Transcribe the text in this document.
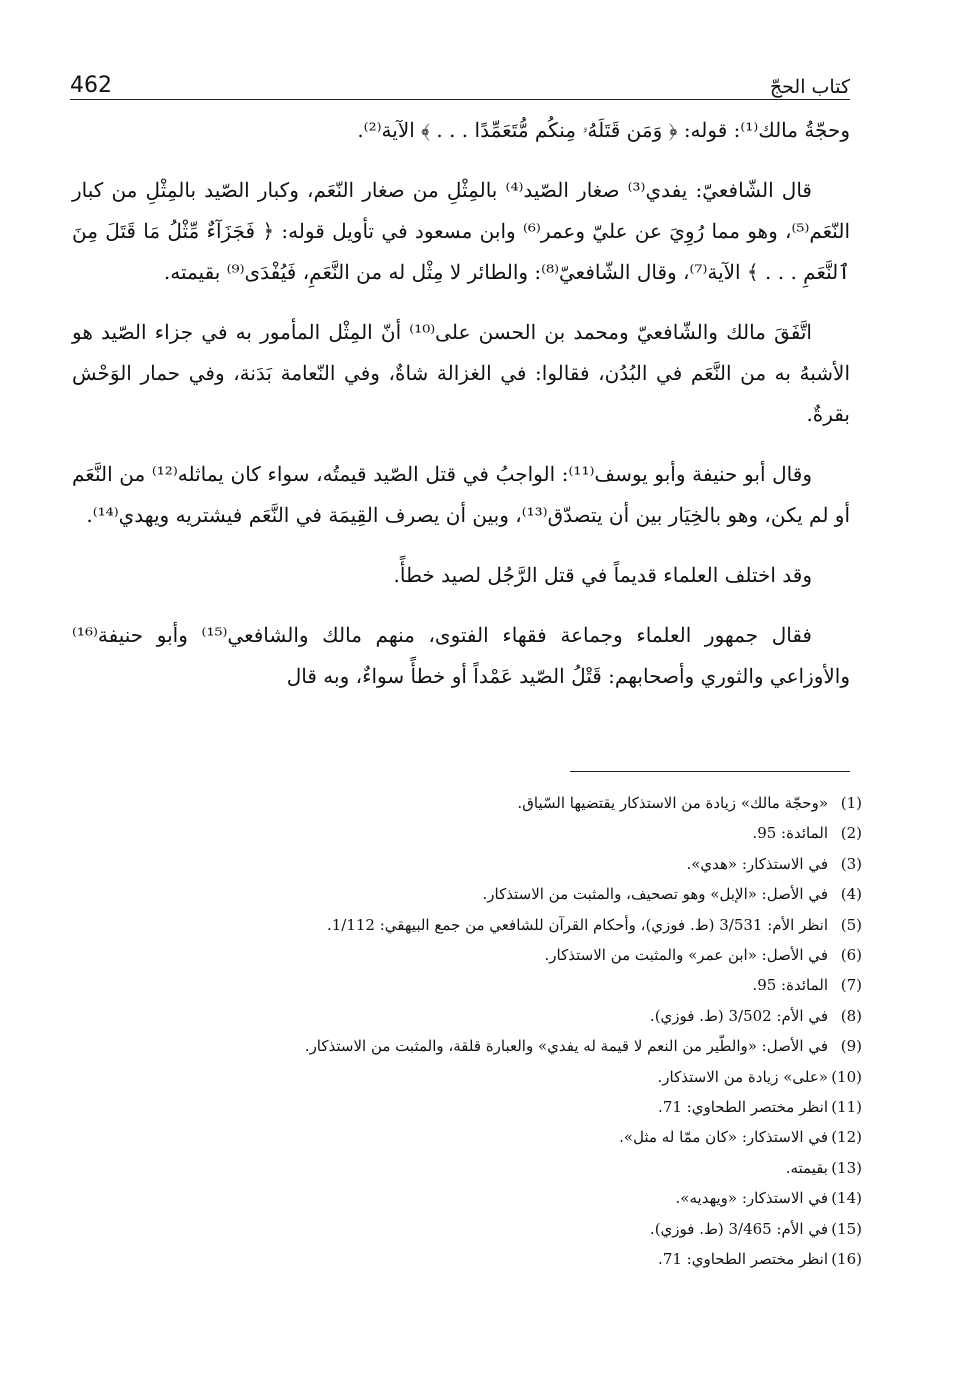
462	كتاب الحجّ

وحجّةُ مالك⁽¹⁾: قوله: ﴿ وَمَن قَتَلَهُۥ مِنكُم مُّتَعَمِّدًا . . . ﴾ الآية⁽²⁾.

قال الشّافعيّ: يفدي⁽³⁾ صغار الصّيد⁽⁴⁾ بالمِثْلِ من صغار النّعَم، وكبار الصّيد بالمِثْلِ من كبار النّعَم⁽⁵⁾، وهو مما رُوِيَ عن عليّ وعمر⁽⁶⁾ وابن مسعود في تأويل قوله: ﴿ فَجَزَآءٌ مِّثْلُ مَا قَتَلَ مِنَ ٱلنَّعَمِ . . . ﴾ الآية⁽⁷⁾، وقال الشّافعيّ⁽⁸⁾: والطائر لا مِثْل له من النَّعَمِ، فَيُفْدَى⁽⁹⁾ بقيمته.

اتَّفَقَ مالك والشّافعيّ ومحمد بن الحسن على⁽¹⁰⁾ أنّ المِثْل المأمور به في جزاء الصّيد هو الأشبهُ به من النَّعَم في البُدُن، فقالوا: في الغزالة شاةٌ، وفي النّعامة بَدَنة، وفي حمار الوَحْش بقرةٌ.

وقال أبو حنيفة وأبو يوسف⁽¹¹⁾: الواجبُ في قتل الصّيد قيمتُه، سواء كان يماثله⁽¹²⁾ من النَّعَم أو لم يكن، وهو بالخِيَار بين أن يتصدّق⁽¹³⁾، وبين أن يصرف القِيمَة في النَّعَم فيشتريه ويهدي⁽¹⁴⁾.

وقد اختلف العلماء قديماً في قتل الرَّجُل لصيد خطأً.

فقال جمهور العلماء وجماعة فقهاء الفتوى، منهم مالك والشافعي⁽¹⁵⁾ وأبو حنيفة⁽¹⁶⁾ والأوزاعي والثوري وأصحابهم: قَتْلُ الصّيد عَمْداً أو خطأً سواءٌ، وبه قال

(1)
«وحجّة مالك» زيادة من الاستذكار يقتضيها السّياق.
(2)
المائدة: 95.
(3)
في الاستذكار: «هدي».
(4)
في الأصل: «الإبل» وهو تصحيف، والمثبت من الاستذكار.
(5)
انظر الأم: 3/531 (ط. فوزي)، وأحكام القرآن للشافعي من جمع البيهقي: 1/112.
(6)
في الأصل: «ابن عمر» والمثبت من الاستذكار.
(7)
المائدة: 95.
(8)
في الأم: 3/502 (ط. فوزي).
(9)
في الأصل: «والطّير من النعم لا قيمة له يفدي» والعبارة قلقة، والمثبت من الاستذكار.
(10)
«على» زيادة من الاستذكار.
(11)
انظر مختصر الطحاوي: 71.
(12)
في الاستذكار: «كان ممّا له مثل».
(13)
بقيمته.
(14)
في الاستذكار: «ويهديه».
(15)
في الأم: 3/465 (ط. فوزي).
(16)
انظر مختصر الطحاوي: 71.
